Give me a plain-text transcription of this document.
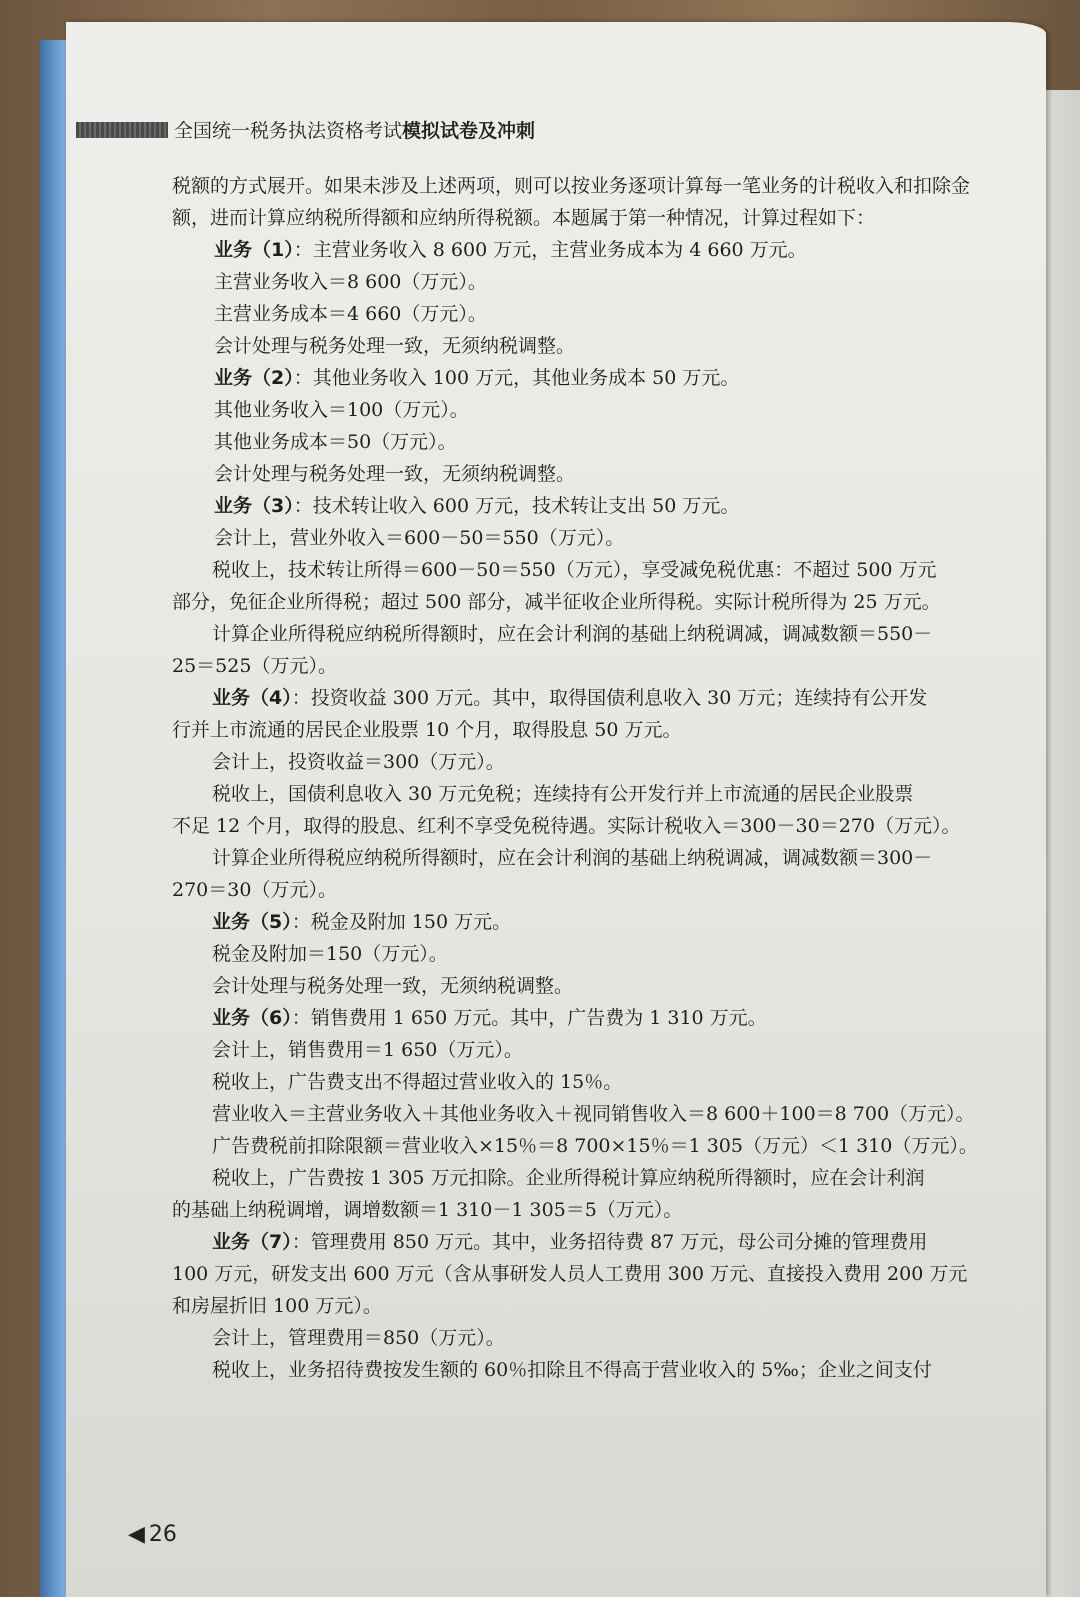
全国统一税务执法资格考试模拟试卷及冲刺

税额的方式展开。如果未涉及上述两项，则可以按业务逐项计算每一笔业务的计税收入和扣除金额，进而计算应纳税所得额和应纳所得税额。本题属于第一种情况，计算过程如下：

业务（1）：主营业务收入 8 600 万元，主营业务成本为 4 660 万元。

主营业务收入＝8 600（万元）。

主营业务成本＝4 660（万元）。

会计处理与税务处理一致，无须纳税调整。

业务（2）：其他业务收入 100 万元，其他业务成本 50 万元。

其他业务收入＝100（万元）。

其他业务成本＝50（万元）。

会计处理与税务处理一致，无须纳税调整。

业务（3）：技术转让收入 600 万元，技术转让支出 50 万元。

会计上，营业外收入＝600－50＝550（万元）。

税收上，技术转让所得＝600－50＝550（万元），享受减免税优惠：不超过 500 万元

部分，免征企业所得税；超过 500 部分，减半征收企业所得税。实际计税所得为 25 万元。

计算企业所得税应纳税所得额时，应在会计利润的基础上纳税调减，调减数额＝550－

25＝525（万元）。

业务（4）：投资收益 300 万元。其中，取得国债利息收入 30 万元；连续持有公开发

行并上市流通的居民企业股票 10 个月，取得股息 50 万元。

会计上，投资收益＝300（万元）。

税收上，国债利息收入 30 万元免税；连续持有公开发行并上市流通的居民企业股票

不足 12 个月，取得的股息、红利不享受免税待遇。实际计税收入＝300－30＝270（万元）。

计算企业所得税应纳税所得额时，应在会计利润的基础上纳税调减，调减数额＝300－

270＝30（万元）。

业务（5）：税金及附加 150 万元。

税金及附加＝150（万元）。

会计处理与税务处理一致，无须纳税调整。

业务（6）：销售费用 1 650 万元。其中，广告费为 1 310 万元。

会计上，销售费用＝1 650（万元）。

税收上，广告费支出不得超过营业收入的 15％。

营业收入＝主营业务收入＋其他业务收入＋视同销售收入＝8 600＋100＝8 700（万元）。

广告费税前扣除限额＝营业收入×15％＝8 700×15％＝1 305（万元）＜1 310（万元）。

税收上，广告费按 1 305 万元扣除。企业所得税计算应纳税所得额时，应在会计利润

的基础上纳税调增，调增数额＝1 310－1 305＝5（万元）。

业务（7）：管理费用 850 万元。其中，业务招待费 87 万元，母公司分摊的管理费用

100 万元，研发支出 600 万元（含从事研发人员人工费用 300 万元、直接投入费用 200 万元

和房屋折旧 100 万元）。

会计上，管理费用＝850（万元）。

税收上，业务招待费按发生额的 60％扣除且不得高于营业收入的 5‰；企业之间支付

◀ 26
